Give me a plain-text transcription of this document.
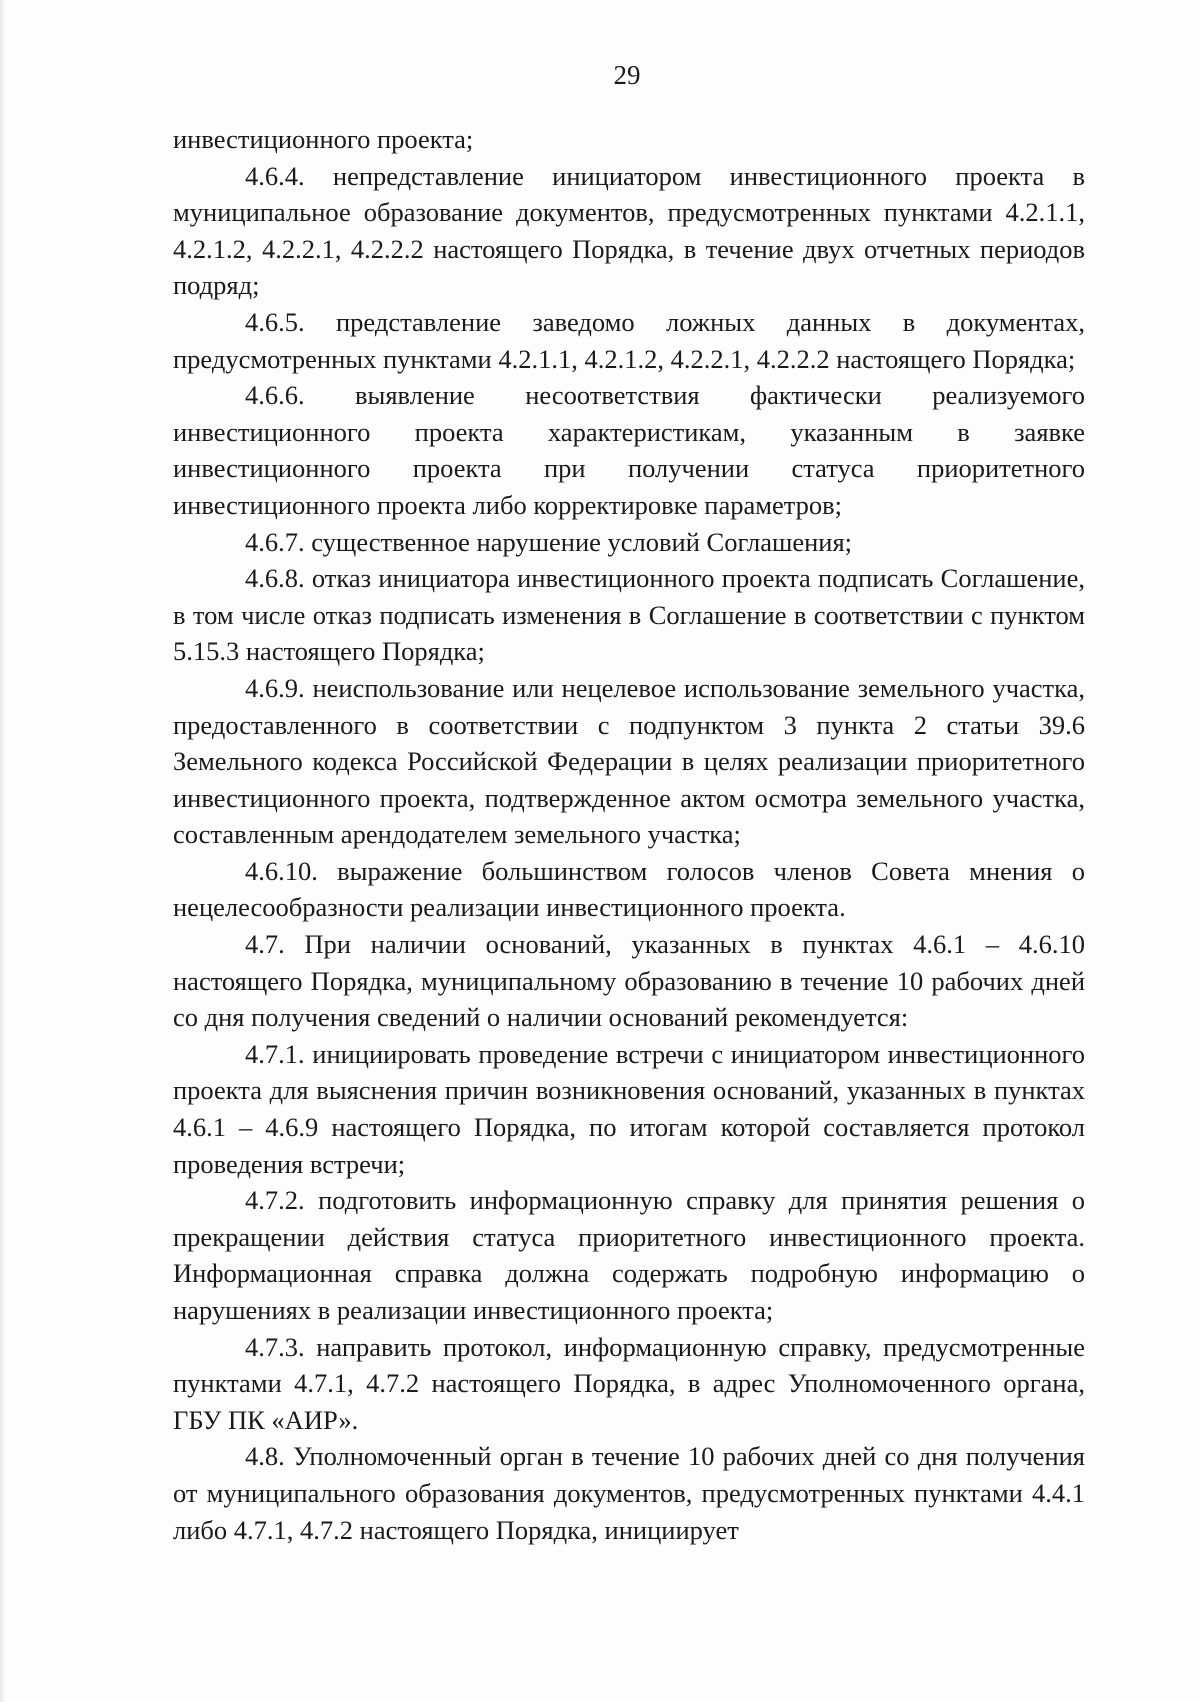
29

инвестиционного проекта;

4.6.4. непредставление инициатором инвестиционного проекта в муниципальное образование документов, предусмотренных пунктами 4.2.1.1, 4.2.1.2, 4.2.2.1, 4.2.2.2 настоящего Порядка, в течение двух отчетных периодов подряд;

4.6.5. представление заведомо ложных данных в документах, предусмотренных пунктами 4.2.1.1, 4.2.1.2, 4.2.2.1, 4.2.2.2 настоящего Порядка;

4.6.6. выявление несоответствия фактически реализуемого инвестиционного проекта характеристикам, указанным в заявке инвестиционного проекта при получении статуса приоритетного инвестиционного проекта либо корректировке параметров;

4.6.7. существенное нарушение условий Соглашения;

4.6.8. отказ инициатора инвестиционного проекта подписать Соглашение, в том числе отказ подписать изменения в Соглашение в соответствии с пунктом 5.15.3 настоящего Порядка;

4.6.9. неиспользование или нецелевое использование земельного участка, предоставленного в соответствии с подпунктом 3 пункта 2 статьи 39.6 Земельного кодекса Российской Федерации в целях реализации приоритетного инвестиционного проекта, подтвержденное актом осмотра земельного участка, составленным арендодателем земельного участка;

4.6.10. выражение большинством голосов членов Совета мнения о нецелесообразности реализации инвестиционного проекта.

4.7. При наличии оснований, указанных в пунктах 4.6.1 – 4.6.10 настоящего Порядка, муниципальному образованию в течение 10 рабочих дней со дня получения сведений о наличии оснований рекомендуется:

4.7.1. инициировать проведение встречи с инициатором инвестиционного проекта для выяснения причин возникновения оснований, указанных в пунктах 4.6.1 – 4.6.9 настоящего Порядка, по итогам которой составляется протокол проведения встречи;

4.7.2. подготовить информационную справку для принятия решения о прекращении действия статуса приоритетного инвестиционного проекта. Информационная справка должна содержать подробную информацию о нарушениях в реализации инвестиционного проекта;

4.7.3. направить протокол, информационную справку, предусмотренные пунктами 4.7.1, 4.7.2 настоящего Порядка, в адрес Уполномоченного органа, ГБУ ПК «АИР».

4.8. Уполномоченный орган в течение 10 рабочих дней со дня получения от муниципального образования документов, предусмотренных пунктами 4.4.1 либо 4.7.1, 4.7.2 настоящего Порядка, инициирует
